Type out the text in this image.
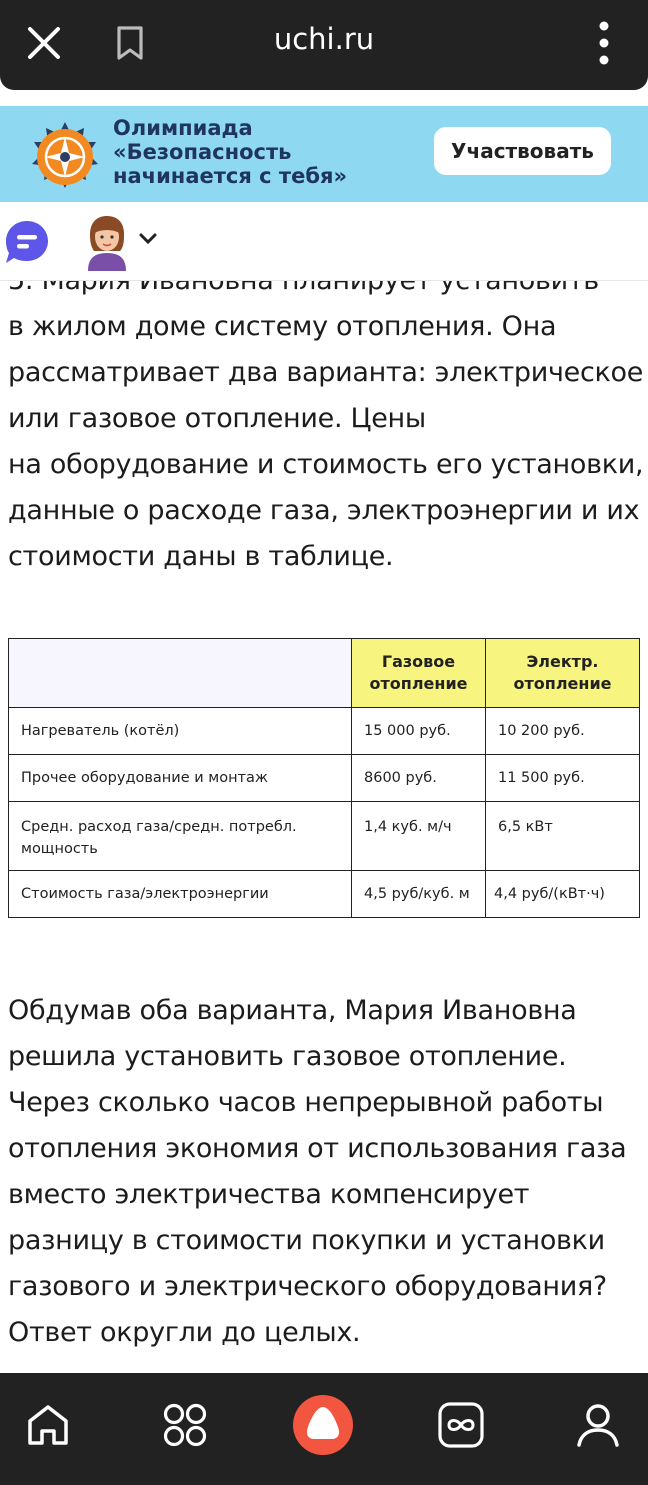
uchi.ru
Олимпиада
«Безопасность
начинается с тебя»
Участвовать
в жилом доме систему отопления. Она
рассматривает два варианта: электрическое
или газовое отопление. Цены
на оборудование и стоимость его установки,
данные о расходе газа, электроэнергии и их
стоимости даны в таблице.
	Газовое отопление	Электр. отопление
Нагреватель (котёл)	15 000 руб.	10 200 руб.
Прочее оборудование и монтаж	8600 руб.	11 500 руб.
Средн. расход газа/средн. потребл. мощность	1,4 куб. м/ч	6,5 кВт
Стоимость газа/электроэнергии	4,5 руб/куб. м	4,4 руб/(кВт·ч)
Обдумав оба варианта, Мария Ивановна
решила установить газовое отопление.
Через сколько часов непрерывной работы
отопления экономия от использования газа
вместо электричества компенсирует
разницу в стоимости покупки и установки
газового и электрического оборудования?
Ответ округли до целых.
